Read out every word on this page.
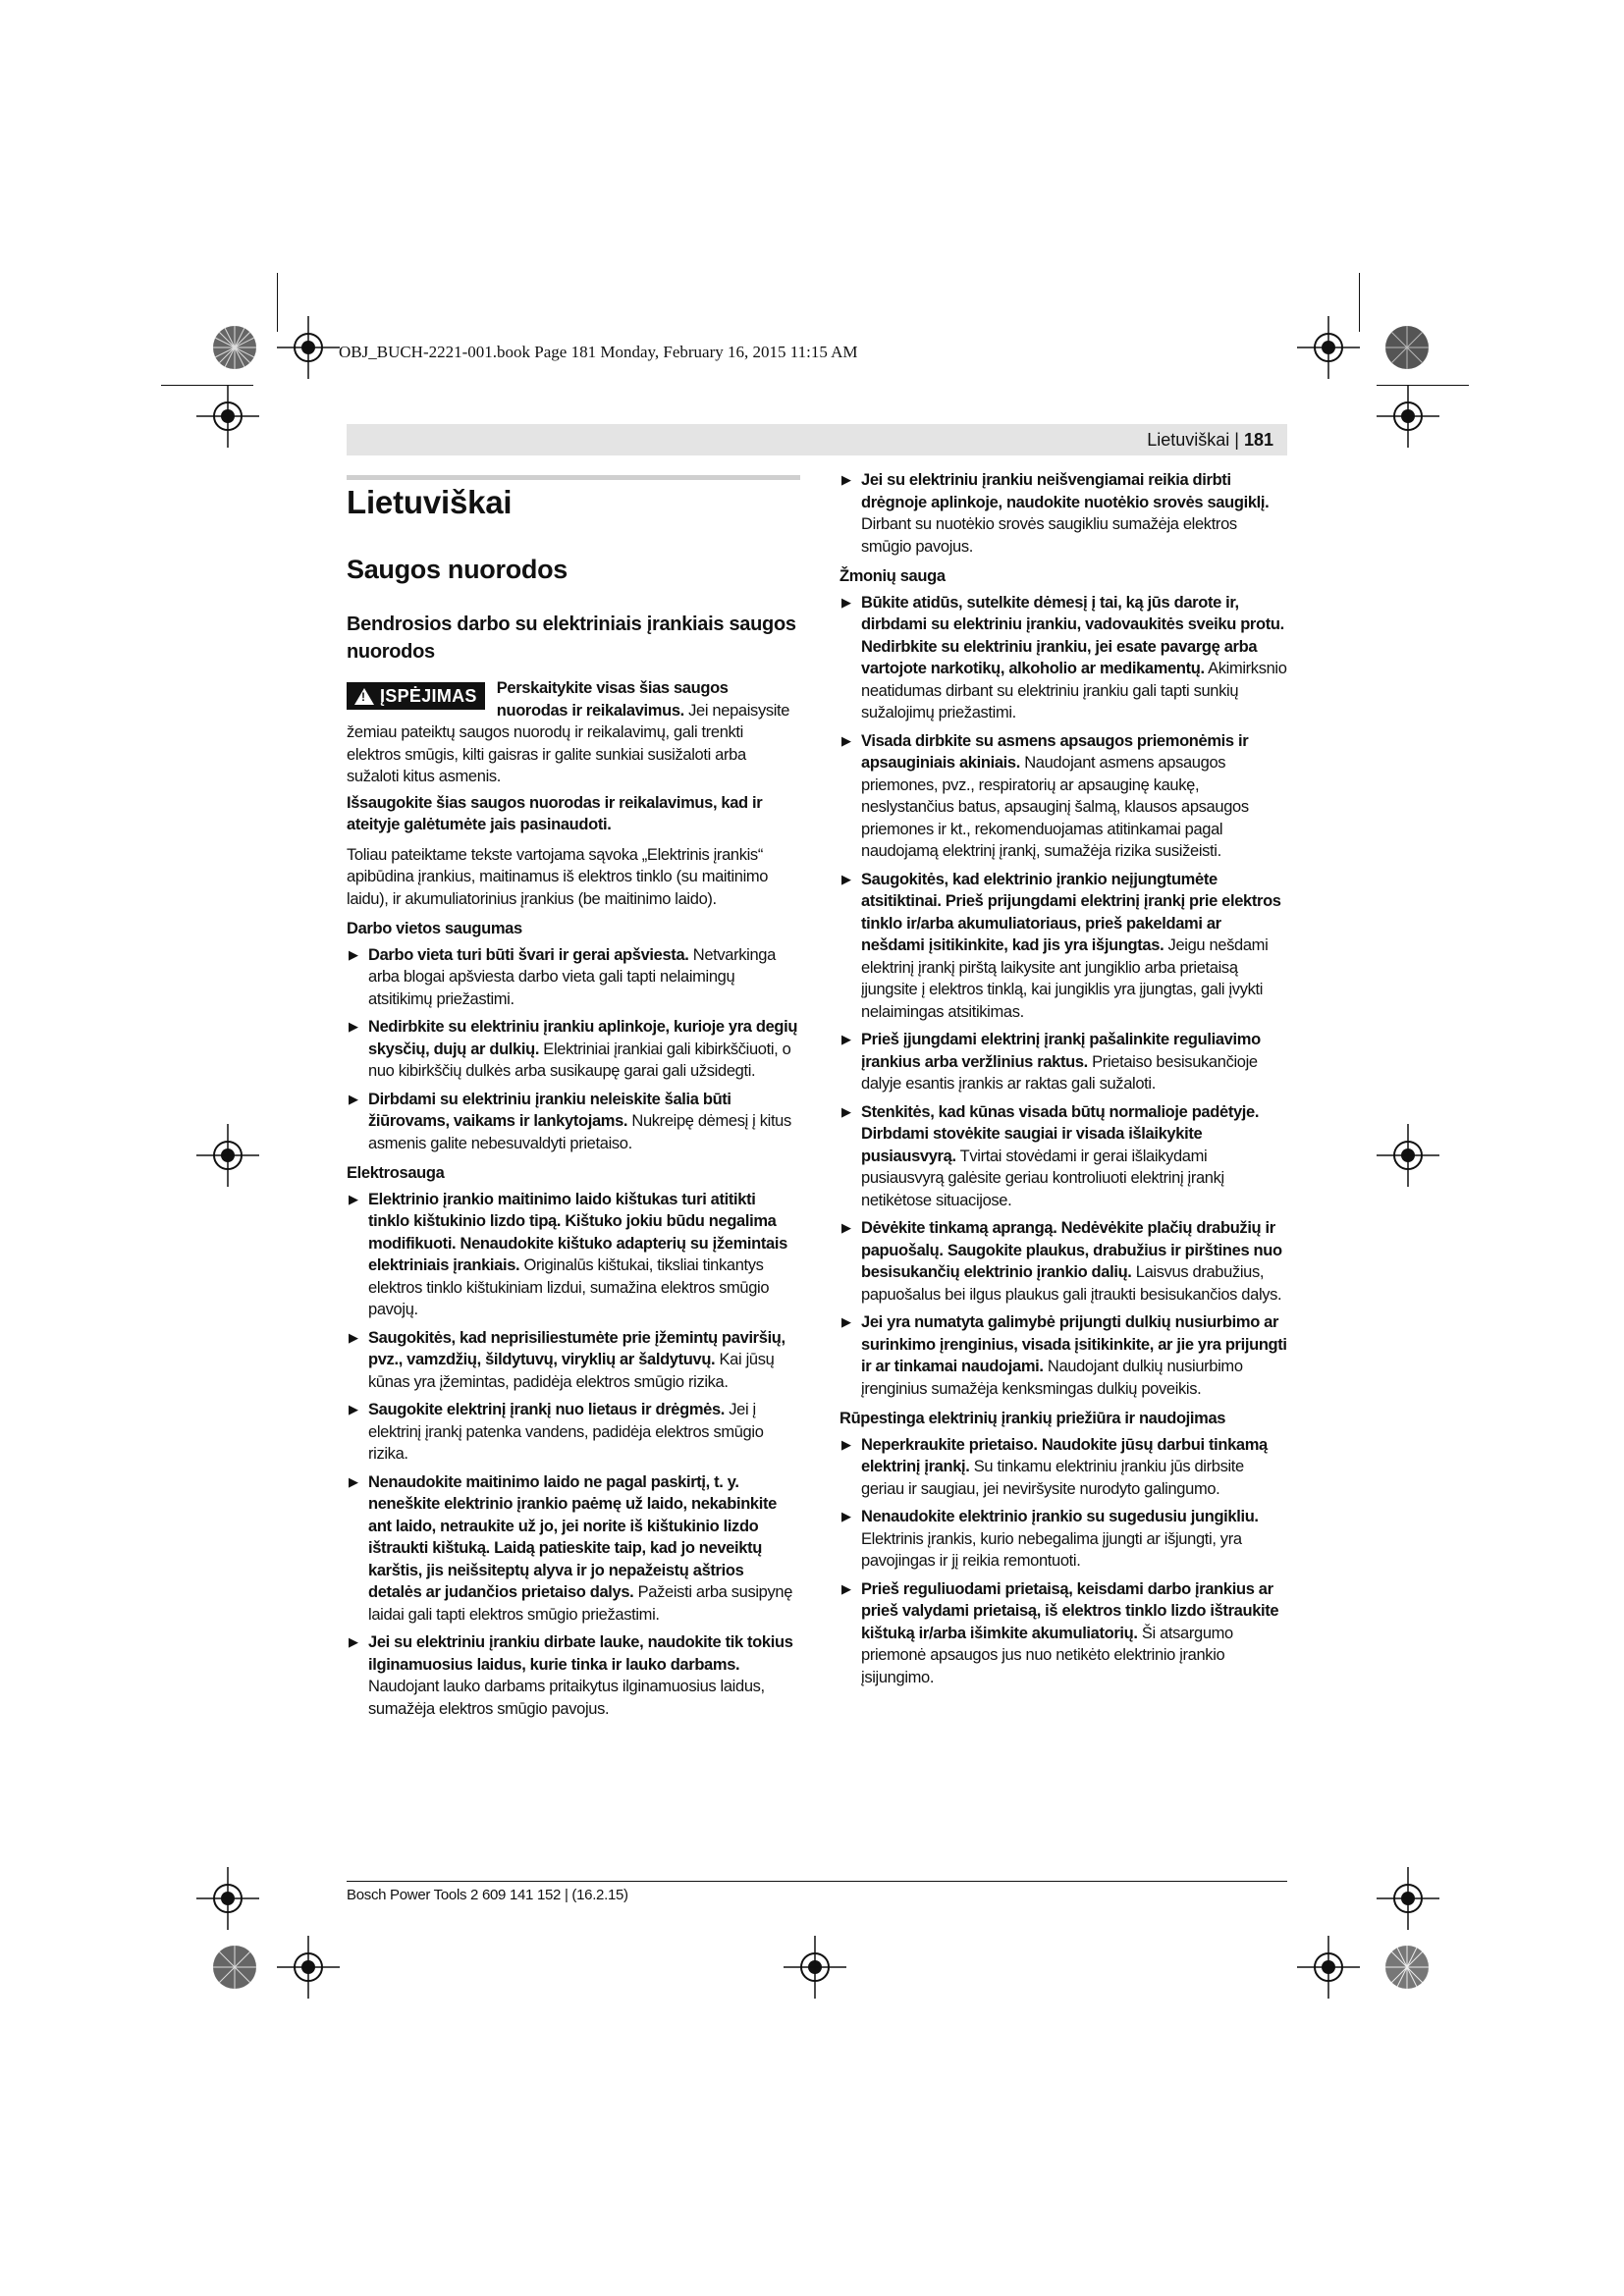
OBJ_BUCH-2221-001.book Page 181 Monday, February 16, 2015 11:15 AM
Lietuviškai | 181
Lietuviškai
Saugos nuorodos
Bendrosios darbo su elektriniais įrankiais saugos nuorodos
! ĮSPĖJIMAS Perskaitykite visas šias saugos nuorodas ir reikalavimus. Jei nepaisysite žemiau pateiktų saugos nuorodų ir reikalavimų, gali trenkti elektros smūgis, kilti gaisras ir galite sunkiai susižaloti arba sužaloti kitus asmenis.

Išsaugokite šias saugos nuorodas ir reikalavimus, kad ir ateityje galėtumėte jais pasinaudoti.

Toliau pateiktame tekste vartojama sąvoka „Elektrinis įrankis“ apibūdina įrankius, maitinamus iš elektros tinklo (su maitinimo laidu), ir akumuliatorinius įrankius (be maitinimo laido).

Darbo vietos saugumas
▶ Darbo vieta turi būti švari ir gerai apšviesta. Netvarkinga arba blogai apšviesta darbo vieta gali tapti nelaimingų atsitikimų priežastimi.
▶ Nedirbkite su elektriniu įrankiu aplinkoje, kurioje yra degių skysčių, dujų ar dulkių. Elektriniai įrankiai gali kibirkščiuoti, o nuo kibirkščių dulkės arba susikaupę garai gali užsidegti.
▶ Dirbdami su elektriniu įrankiu neleiskite šalia būti žiūrovams, vaikams ir lankytojams. Nukreipę dėmesį į kitus asmenis galite nebesuvaldyti prietaiso.
Elektrosauga
▶ Elektrinio įrankio maitinimo laido kištukas turi atitikti tinklo kištukinio lizdo tipą. Kištuko jokiu būdu negalima modifikuoti. Nenaudokite kištuko adapterių su įžemintais elektriniais įrankiais. Originalūs kištukai, tiksliai tinkantys elektros tinklo kištukiniam lizdui, sumažina elektros smūgio pavojų.
▶ Saugokitės, kad neprisiliestumėte prie įžemintų paviršių, pvz., vamzdžių, šildytuvų, viryklių ar šaldytuvų. Kai jūsų kūnas yra įžemintas, padidėja elektros smūgio rizika.
▶ Saugokite elektrinį įrankį nuo lietaus ir drėgmės. Jei į elektrinį įrankį patenka vandens, padidėja elektros smūgio rizika.
▶ Nenaudokite maitinimo laido ne pagal paskirtį, t. y. neneškite elektrinio įrankio paėmę už laido, nekabinkite ant laido, netraukite už jo, jei norite iš kištukinio lizdo ištraukti kištuką. Laidą patieskite taip, kad jo neveiktų karštis, jis neišsiteptų alyva ir jo nepažeistų aštrios detalės ar judančios prietaiso dalys. Pažeisti arba susipynę laidai gali tapti elektros smūgio priežastimi.
▶ Jei su elektriniu įrankiu dirbate lauke, naudokite tik tokius ilginamuosius laidus, kurie tinka ir lauko darbams. Naudojant lauko darbams pritaikytus ilginamuosius laidus, sumažėja elektros smūgio pavojus.
▶ Jei su elektriniu įrankiu neišvengiamai reikia dirbti drėgnoje aplinkoje, naudokite nuotėkio srovės saugiklį. Dirbant su nuotėkio srovės saugikliu sumažėja elektros smūgio pavojus.
Žmonių sauga
▶ Būkite atidūs, sutelkite dėmesį į tai, ką jūs darote ir, dirbdami su elektriniu įrankiu, vadovaukitės sveiku protu. Nedirbkite su elektriniu įrankiu, jei esate pavargę arba vartojote narkotikų, alkoholio ar medikamentų. Akimirksnio neatidumas dirbant su elektriniu įrankiu gali tapti sunkių sužalojimų priežastimi.
▶ Visada dirbkite su asmens apsaugos priemonėmis ir apsauginiais akiniais. Naudojant asmens apsaugos priemones, pvz., respiratorių ar apsauginę kaukę, neslystančius batus, apsauginį šalmą, klausos apsaugos priemones ir kt., rekomenduojamas atitinkamai pagal naudojamą elektrinį įrankį, sumažėja rizika susižeisti.
▶ Saugokitės, kad elektrinio įrankio neįjungtumėte atsitiktinai. Prieš prijungdami elektrinį įrankį prie elektros tinklo ir/arba akumuliatoriaus, prieš pakeldami ar nešdami įsitikinkite, kad jis yra išjungtas. Jeigu nešdami elektrinį įrankį pirštą laikysite ant jungiklio arba prietaisą įjungsite į elektros tinklą, kai jungiklis yra įjungtas, gali įvykti nelaimingas atsitikimas.
▶ Prieš įjungdami elektrinį įrankį pašalinkite reguliavimo įrankius arba veržlinius raktus. Prietaiso besisukančioje dalyje esantis įrankis ar raktas gali sužaloti.
▶ Stenkitės, kad kūnas visada būtų normalioje padėtyje. Dirbdami stovėkite saugiai ir visada išlaikykite pusiausvyrą. Tvirtai stovėdami ir gerai išlaikydami pusiausvyrą galėsite geriau kontroliuoti elektrinį įrankį netikėtose situacijose.
▶ Dėvėkite tinkamą aprangą. Nedėvėkite plačių drabužių ir papuošalų. Saugokite plaukus, drabužius ir pirštines nuo besisukančių elektrinio įrankio dalių. Laisvus drabužius, papuošalus bei ilgus plaukus gali įtraukti besisukančios dalys.
▶ Jei yra numatyta galimybė prijungti dulkių nusiurbimo ar surinkimo įrenginius, visada įsitikinkite, ar jie yra prijungti ir ar tinkamai naudojami. Naudojant dulkių nusiurbimo įrenginius sumažėja kenksmingas dulkių poveikis.
Rūpestinga elektrinių įrankių priežiūra ir naudojimas
▶ Neperkraukite prietaiso. Naudokite jūsų darbui tinkamą elektrinį įrankį. Su tinkamu elektriniu įrankiu jūs dirbsite geriau ir saugiau, jei neviršysite nurodyto galingumo.
▶ Nenaudokite elektrinio įrankio su sugedusiu jungikliu. Elektrinis įrankis, kurio nebegalima įjungti ar išjungti, yra pavojingas ir jį reikia remontuoti.
▶ Prieš reguliuodami prietaisą, keisdami darbo įrankius ar prieš valydami prietaisą, iš elektros tinklo lizdo ištraukite kištuką ir/arba išimkite akumuliatorių. Ši atsargumo priemonė apsaugos jus nuo netikėto elektrinio įrankio įsijungimo.
Bosch Power Tools 2 609 141 152 | (16.2.15)
